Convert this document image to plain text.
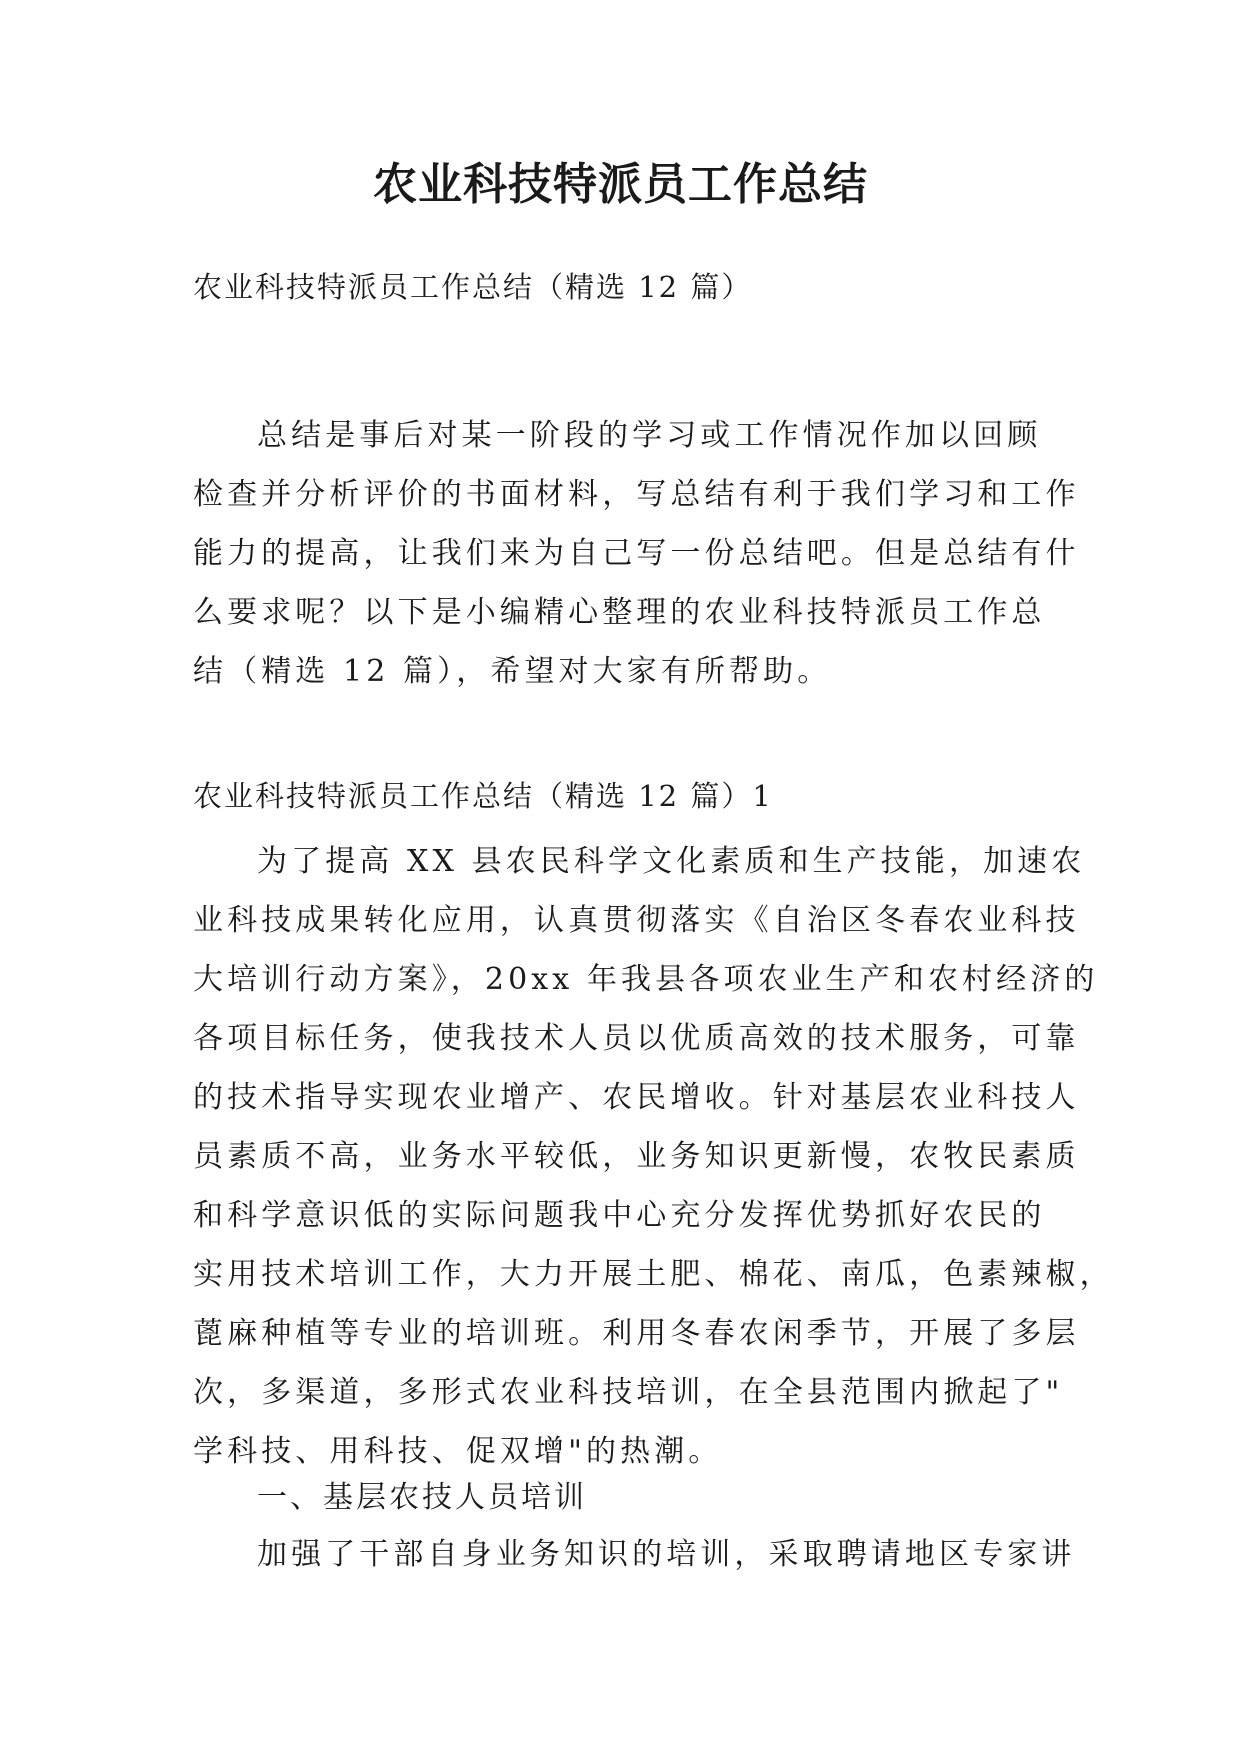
农业科技特派员工作总结
农业科技特派员工作总结（精选 12 篇）
总结是事后对某一阶段的学习或工作情况作加以回顾
检查并分析评价的书面材料，写总结有利于我们学习和工作
能力的提高，让我们来为自己写一份总结吧。但是总结有什
么要求呢？以下是小编精心整理的农业科技特派员工作总
结（精选 12 篇），希望对大家有所帮助。
农业科技特派员工作总结（精选 12 篇）1
为了提高 XX 县农民科学文化素质和生产技能，加速农
业科技成果转化应用，认真贯彻落实《自治区冬春农业科技
大培训行动方案》，20xx 年我县各项农业生产和农村经济的
各项目标任务，使我技术人员以优质高效的技术服务，可靠
的技术指导实现农业增产、农民增收。针对基层农业科技人
员素质不高，业务水平较低，业务知识更新慢，农牧民素质
和科学意识低的实际问题我中心充分发挥优势抓好农民的
实用技术培训工作，大力开展土肥、棉花、南瓜，色素辣椒，
蓖麻种植等专业的培训班。利用冬春农闲季节，开展了多层
次，多渠道，多形式农业科技培训，在全县范围内掀起了"
学科技、用科技、促双增"的热潮。
一、基层农技人员培训
加强了干部自身业务知识的培训，采取聘请地区专家讲
